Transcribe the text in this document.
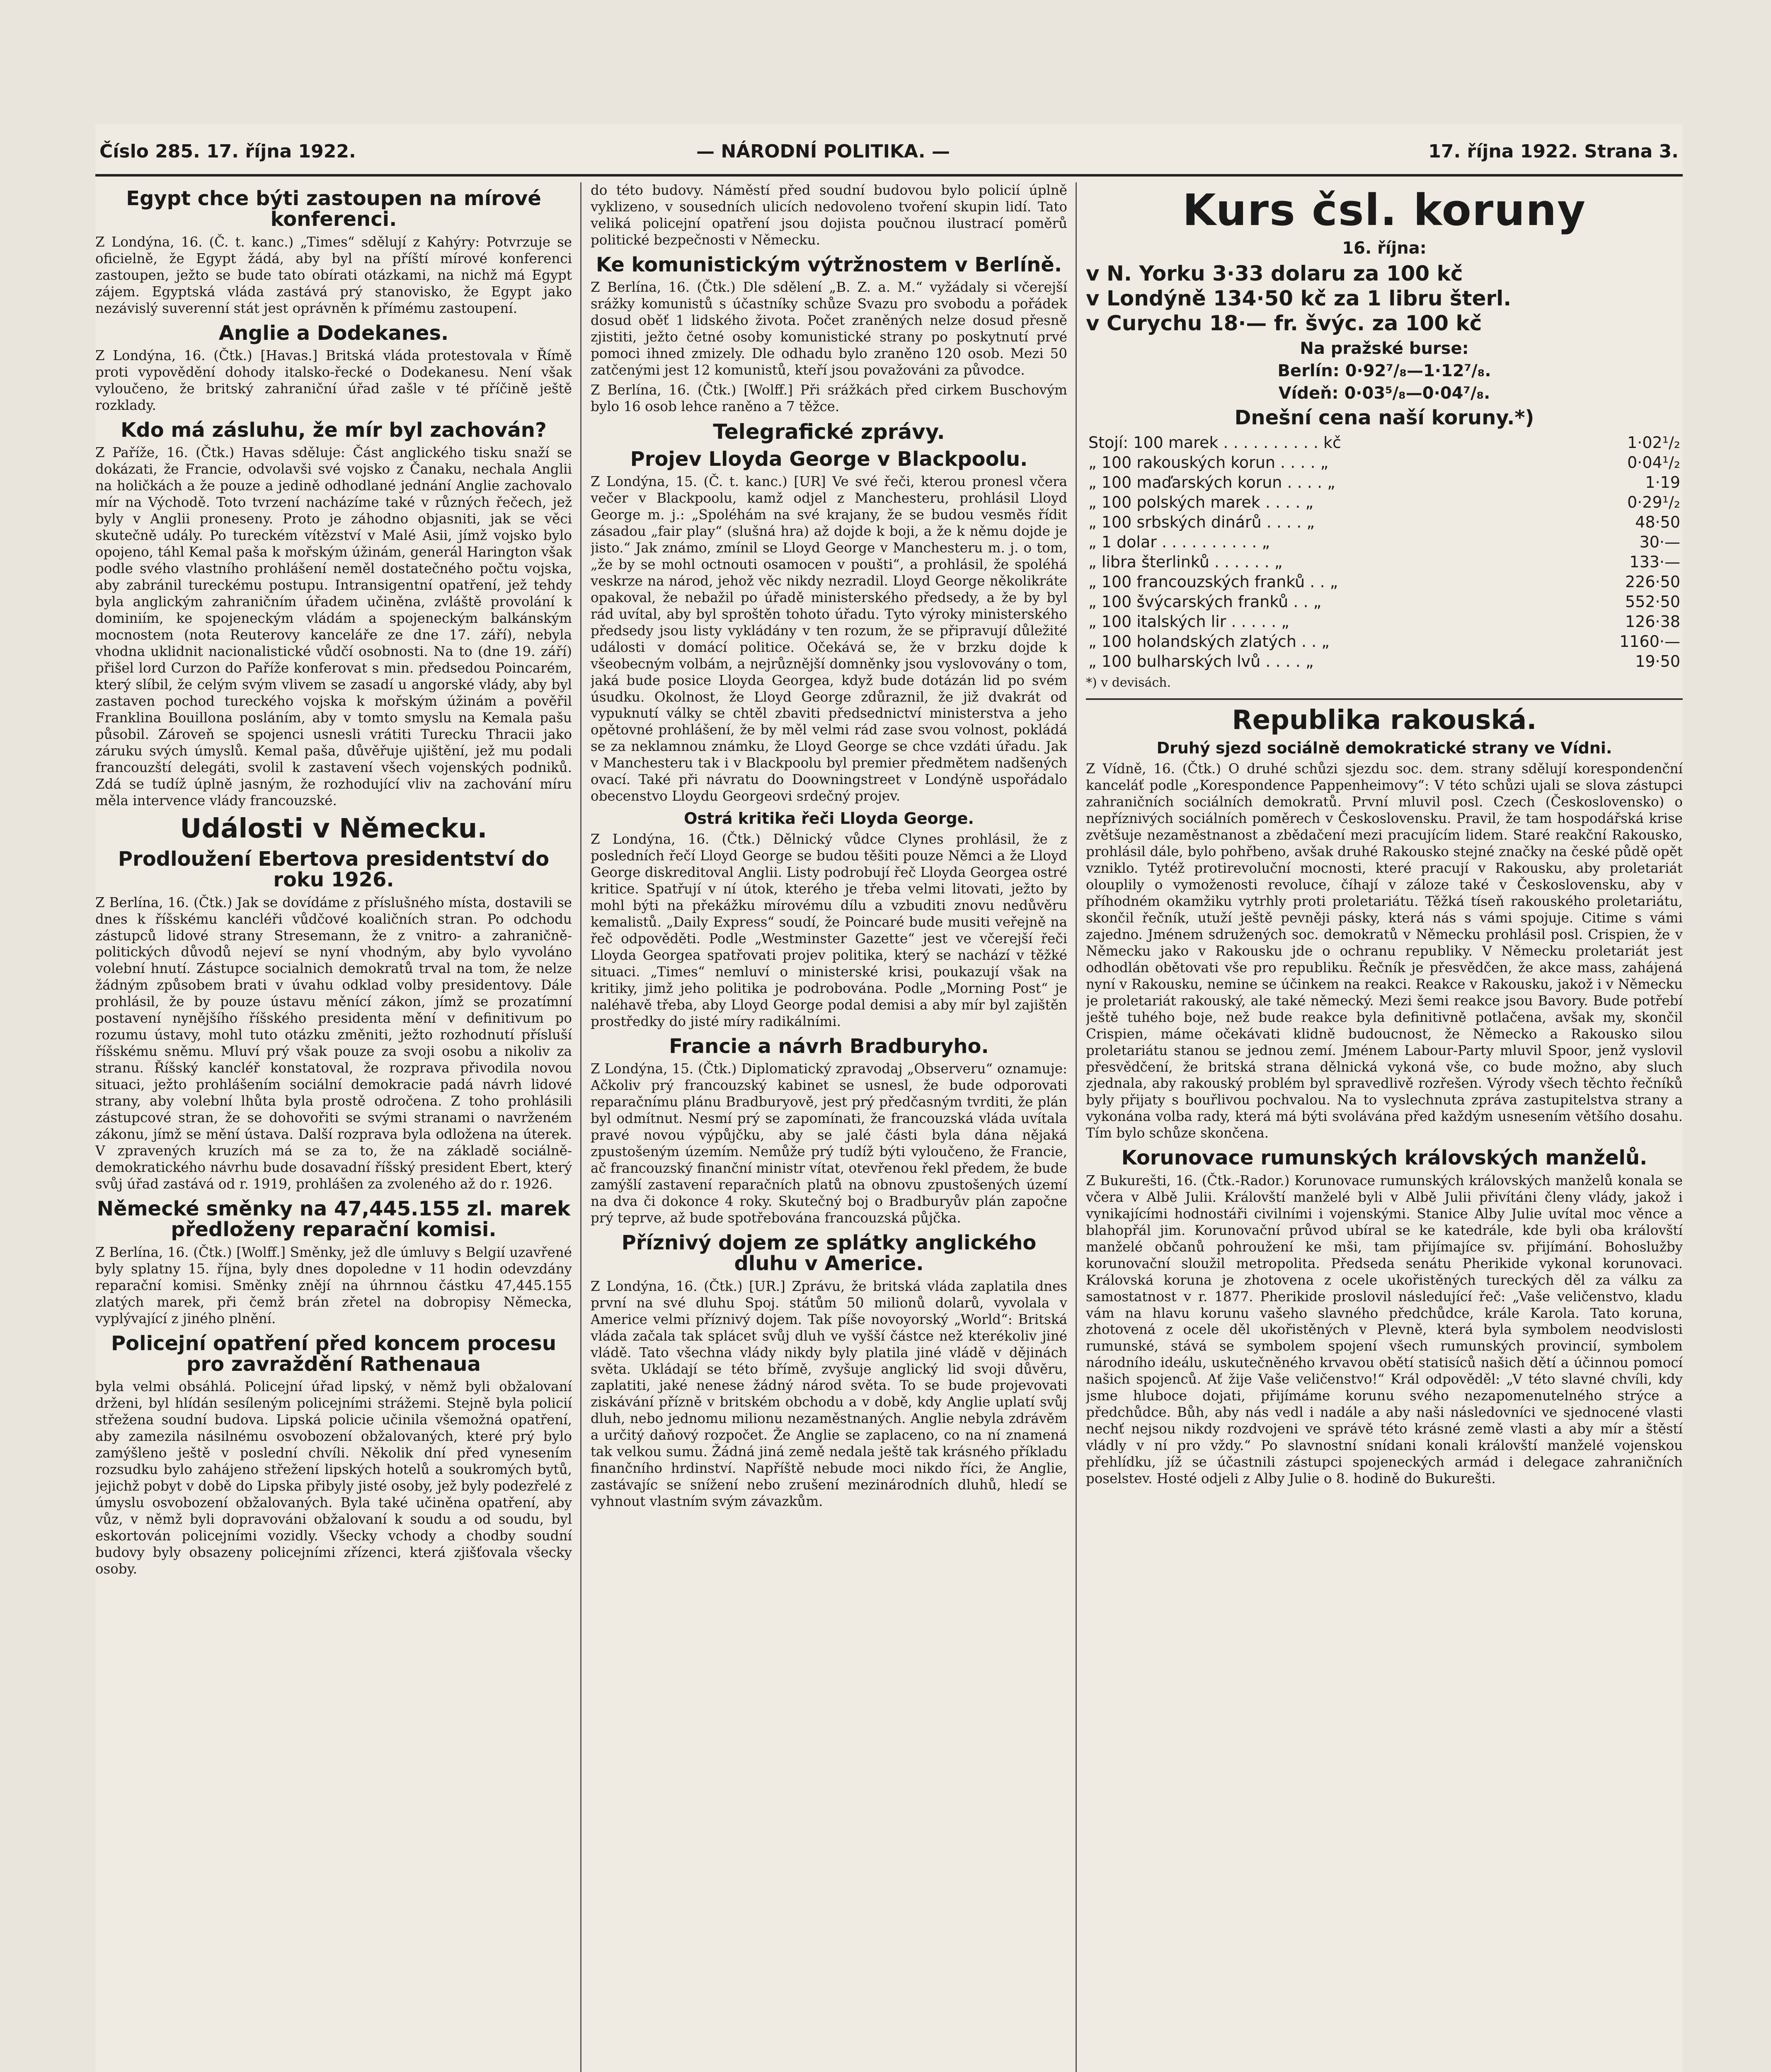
Číslo 285. 17. října 1922.	— NÁRODNÍ POLITIKA. —	17. října 1922. Strana 3.
Egypt chce býti zastoupen na mírové konferenci.

Z Londýna, 16. (Č. t. kanc.) „Times“ sdělují z Kahýry: Potvrzuje se oficielně, že Egypt žádá, aby byl na příští mírové konferenci zastoupen, ježto se bude tato obírati otázkami, na nichž má Egypt zájem. Egyptská vláda zastává prý stanovisko, že Egypt jako nezávislý suverenní stát jest oprávněn k přímému zastoupení.

Anglie a Dodekanes.

Z Londýna, 16. (Čtk.) [Havas.] Britská vláda protestovala v Římě proti vypovědění dohody italsko-řecké o Dodekanesu. Není však vyloučeno, že britský zahraniční úřad zašle v té příčině ještě rozklady.

Kdo má zásluhu, že mír byl zachován?

Z Paříže, 16. (Čtk.) Havas sděluje: Část anglického tisku snaží se dokázati, že Francie, odvolavši své vojsko z Čanaku, nechala Anglii na holičkách a že pouze a jedině odhodlané jednání Anglie zachovalo mír na Východě. Toto tvrzení nacházíme také v různých řečech, jež byly v Anglii proneseny. Proto je záhodno objasniti, jak se věci skutečně udály. Po tureckém vítězství v Malé Asii, jímž vojsko bylo opojeno, táhl Kemal paša k mořským úžinám, generál Harington však podle svého vlastního prohlášení neměl dostatečného počtu vojska, aby zabránil tureckému postupu. Intransigentní opatření, jež tehdy byla anglickým zahraničním úřadem učiněna, zvláště provolání k dominiím, ke spojeneckým vládám a spojeneckým balkánským mocnostem (nota Reuterovy kanceláře ze dne 17. září), nebyla vhodna uklidnit nacionalistické vůdčí osobnosti. Na to (dne 19. září) přišel lord Curzon do Paříže konferovat s min. předsedou Poincarém, který slíbil, že celým svým vlivem se zasadí u angorské vlády, aby byl zastaven pochod tureckého vojska k mořským úžinám a pověřil Franklina Bouillona posláním, aby v tomto smyslu na Kemala pašu působil. Zároveň se spojenci usnesli vrátiti Turecku Thracii jako záruku svých úmyslů. Kemal paša, důvěřuje ujištění, jež mu podali francouzští delegáti, svolil k zastavení všech vojenských podniků. Zdá se tudíž úplně jasným, že rozhodující vliv na zachování míru měla intervence vlády francouzské.

Události v Německu.
Prodloužení Ebertova presidentství do roku 1926.

Z Berlína, 16. (Čtk.) Jak se dovídáme z příslušného místa, dostavili se dnes k říšskému kancléři vůdčové koaličních stran. Po odchodu zástupců lidové strany Stresemann, že z vnitro- a zahraničně-politických důvodů nejeví se nyní vhodným, aby bylo vyvoláno volební hnutí. Zástupce socialnich demokratů trval na tom, že nelze žádným způsobem brati v úvahu odklad volby presidentovy. Dále prohlásil, že by pouze ústavu měnící zákon, jímž se prozatímní postavení nynějšího říšského presidenta mění v definitivum po rozumu ústavy, mohl tuto otázku změniti, ježto rozhodnutí přísluší říšskému sněmu. Mluví prý však pouze za svoji osobu a nikoliv za stranu. Říšský kancléř konstatoval, že rozprava přivodila novou situaci, ježto prohlášením sociální demokracie padá návrh lidové strany, aby volební lhůta byla prostě odročena. Z toho prohlásili zástupcové stran, že se dohovořiti se svými stranami o navrženém zákonu, jímž se mění ústava. Další rozprava byla odložena na úterek. V zpravených kruzích má se za to, že na základě sociálně-demokratického návrhu bude dosavadní říšský president Ebert, který svůj úřad zastává od r. 1919, prohlášen za zvoleného až do r. 1926.

Německé směnky na 47,445.155 zl. marek předloženy reparační komisi.

Z Berlína, 16. (Čtk.) [Wolff.] Směnky, jež dle úmluvy s Belgií uzavřené byly splatny 15. října, byly dnes dopoledne v 11 hodin odevzdány reparační komisi. Směnky znějí na úhrnnou částku 47,445.155 zlatých marek, při čemž brán zřetel na dobropisy Německa, vyplývající z jiného plnění.

Policejní opatření před koncem procesu pro zavraždění Rathenaua

byla velmi obsáhlá. Policejní úřad lipský, v němž byli obžalovaní drženi, byl hlídán sesíleným policejními strážemi. Stejně byla policií střežena soudní budova. Lipská policie učinila všemožná opatření, aby zamezila násilnému osvobození obžalovaných, které prý bylo zamýšleno ještě v poslední chvíli. Několik dní před vynesením rozsudku bylo zahájeno střežení lipských hotelů a soukromých bytů, jejichž pobyt v době do Lipska přibyly jisté osoby, jež byly podezřelé z úmyslu osvobození obžalovaných. Byla také učiněna opatření, aby vůz, v němž byli dopravováni obžalovaní k soudu a od soudu, byl eskortován policejními vozidly. Všecky vchody a chodby soudní budovy byly obsazeny policejními zřízenci, která zjišťovala všecky osoby.

do této budovy. Náměstí před soudní budovou bylo policií úplně vyklizeno, v sousedních ulicích nedovoleno tvoření skupin lidí. Tato veliká policejní opatření jsou dojista poučnou ilustrací poměrů politické bezpečnosti v Německu.

Ke komunistickým výtržnostem v Berlíně.

Z Berlína, 16. (Čtk.) Dle sdělení „B. Z. a. M.“ vyžádaly si včerejší srážky komunistů s účastníky schůze Svazu pro svobodu a pořádek dosud oběť 1 lidského života. Počet zraněných nelze dosud přesně zjistiti, ježto četné osoby komunistické strany po poskytnutí prvé pomoci ihned zmizely. Dle odhadu bylo zraněno 120 osob. Mezi 50 zatčenými jest 12 komunistů, kteří jsou považováni za původce.

Z Berlína, 16. (Čtk.) [Wolff.] Při srážkách před cirkem Buschovým bylo 16 osob lehce raněno a 7 těžce.

Telegrafické zprávy.
Projev Lloyda George v Blackpoolu.

Z Londýna, 15. (Č. t. kanc.) [UR] Ve své řeči, kterou pronesl včera večer v Blackpoolu, kamž odjel z Manchesteru, prohlásil Lloyd George m. j.: „Spoléhám na své krajany, že se budou vesměs řídit zásadou „fair play“ (slušná hra) až dojde k boji, a že k němu dojde je jisto.“ Jak známo, zmínil se Lloyd George v Manchesteru m. j. o tom, „že by se mohl octnouti osamocen v poušti“, a prohlásil, že spoléhá veskrze na národ, jehož věc nikdy nezradil. Lloyd George několikráte opakoval, že nebažil po úřadě ministerského předsedy, a že by byl rád uvítal, aby byl sproštěn tohoto úřadu. Tyto výroky ministerského předsedy jsou listy vykládány v ten rozum, že se připravují důležité události v domácí politice. Očekává se, že v brzku dojde k všeobecným volbám, a nejrůznější domněnky jsou vyslovovány o tom, jaká bude posice Lloyda Georgea, když bude dotázán lid po svém úsudku. Okolnost, že Lloyd George zdůraznil, že již dvakrát od vypuknutí války se chtěl zbaviti předsednictví ministerstva a jeho opětovné prohlášení, že by měl velmi rád zase svou volnost, pokládá se za neklamnou známku, že Lloyd George se chce vzdáti úřadu. Jak v Manchesteru tak i v Blackpoolu byl premier předmětem nadšených ovací. Také při návratu do Doowningstreet v Londýně uspořádalo obecenstvo Lloydu Georgeovi srdečný projev.

Ostrá kritika řeči Lloyda George.

Z Londýna, 16. (Čtk.) Dělnický vůdce Clynes prohlásil, že z posledních řečí Lloyd George se budou těšiti pouze Němci a že Lloyd George diskreditoval Anglii. Listy podrobují řeč Lloyda Georgea ostré kritice. Spatřují v ní útok, kterého je třeba velmi litovati, ježto by mohl býti na překážku mírovému dílu a vzbuditi znovu nedůvěru kemalistů. „Daily Express“ soudí, že Poincaré bude musiti veřejně na řeč odpověděti. Podle „Westminster Gazette“ jest ve včerejší řeči Lloyda Georgea spatřovati projev politika, který se nachází v těžké situaci. „Times“ nemluví o ministerské krisi, poukazují však na kritiky, jimž jeho politika je podrobována. Podle „Morning Post“ je naléhavě třeba, aby Lloyd George podal demisi a aby mír byl zajištěn prostředky do jisté míry radikálními.

Francie a návrh Bradburyho.

Z Londýna, 15. (Čtk.) Diplomatický zpravodaj „Observeru“ oznamuje: Ačkoliv prý francouzský kabinet se usnesl, že bude odporovati reparačnímu plánu Bradburyově, jest prý předčasným tvrditi, že plán byl odmítnut. Nesmí prý se zapomínati, že francouzská vláda uvítala pravé novou výpůjčku, aby se jalé části byla dána nějaká zpustošeným územím. Nemůže prý tudíž býti vyloučeno, že Francie, ač francouzský finanční ministr vítat, otevřenou řekl předem, že bude zamýšlí zastavení reparačních platů na obnovu zpustošených území na dva či dokonce 4 roky. Skutečný boj o Bradburyův plán započne prý teprve, až bude spotřebována francouzská půjčka.

Příznivý dojem ze splátky anglického dluhu v Americe.

Z Londýna, 16. (Čtk.) [UR.] Zprávu, že britská vláda zaplatila dnes první na své dluhu Spoj. státům 50 milionů dolarů, vyvolala v Americe velmi příznivý dojem. Tak píše novoyorský „World“: Britská vláda začala tak splácet svůj dluh ve vyšší částce než kterékoliv jiné vládě. Tato všechna vlády nikdy byly platila jiné vládě v dějinách světa. Ukládají se této břímě, zvyšuje anglický lid svoji důvěru, zaplatiti, jaké nenese žádný národ světa. To se bude projevovati ziskávání přízně v britském obchodu a v době, kdy Anglie uplatí svůj dluh, nebo jednomu milionu nezaměstnaných. Anglie nebyla zdrávěm a určitý daňový rozpočet. Že Anglie se zaplaceno, co na ní znamená tak velkou sumu. Žádná jiná země nedala ještě tak krásného příkladu finančního hrdinství. Napříště nebude moci nikdo říci, že Anglie, zastávajíc se snížení nebo zrušení mezinárodních dluhů, hledí se vyhnout vlastním svým závazkům.

Kurs čsl. koruny
16. října:
v N. Yorku 3·33 dolaru za 100 kč
v Londýně 134·50 kč za 1 libru šterl.
v Curychu 18·— fr. švýc. za 100 kč
Na pražské burse:
Berlín: 0·92⁷/₈—1·12⁷/₈.
Vídeň: 0·03⁵/₈—0·04⁷/₈.
Dnešní cena naší koruny.*)
Stojí: 100 marek . . . . . . . . . . kč	1·02¹/₂
„ 100 rakouských korun . . . . „	0·04¹/₂
„ 100 maďarských korun . . . . „	1·19
„ 100 polských marek . . . . „	0·29¹/₂
„ 100 srbských dinárů . . . . „	48·50
„ 1 dolar . . . . . . . . . . „	30·—
„ libra šterlinků . . . . . . „	133·—
„ 100 francouzských franků . . „	226·50
„ 100 švýcarských franků . . „	552·50
„ 100 italských lir . . . . . „	126·38
„ 100 holandských zlatých . . „	1160·—
„ 100 bulharských lvů . . . . „	19·50
*) v devisách.
Republika rakouská.
Druhý sjezd sociálně demokratické strany ve Vídni.

Z Vídně, 16. (Čtk.) O druhé schůzi sjezdu soc. dem. strany sdělují korespondenční kanceláť podle „Korespondence Pappenheimovy“: V této schůzi ujali se slova zástupci zahraničních sociálních demokratů. První mluvil posl. Czech (Československo) o nepříznivých sociálních poměrech v Československu. Pravil, že tam hospodářská krise zvětšuje nezaměstnanost a zbědačení mezi pracujícím lidem. Staré reakční Rakousko, prohlásil dále, bylo pohřbeno, avšak druhé Rakousko stejné značky na české půdě opět vzniklo. Tytéž protirevoluční mocnosti, které pracují v Rakousku, aby proletariát olouplily o vymoženosti revoluce, číhají v záloze také v Československu, aby v příhodném okamžiku vytrhly proti proletariátu. Těžká tíseň rakouského proletariátu, skončil řečník, utuží ještě pevněji pásky, která nás s vámi spojuje. Citime s vámi zajedno. Jménem sdružených soc. demokratů v Německu prohlásil posl. Crispien, že v Německu jako v Rakousku jde o ochranu republiky. V Německu proletariát jest odhodlán obětovati vše pro republiku. Řečník je přesvědčen, že akce mass, zahájená nyní v Rakousku, nemine se účinkem na reakci. Reakce v Rakousku, jakož i v Německu je proletariát rakouský, ale také německý. Mezi šemi reakce jsou Bavory. Bude potřebí ještě tuhého boje, než bude reakce byla definitivně potlačena, avšak my, skončil Crispien, máme očekávati klidně budoucnost, že Německo a Rakousko silou proletariátu stanou se jednou zemí. Jménem Labour-Party mluvil Spoor, jenž vyslovil přesvědčení, že britská strana dělnická vykoná vše, co bude možno, aby sluch zjednala, aby rakouský problém byl spravedlivě rozřešen. Výrody všech těchto řečníků byly přijaty s bouřlivou pochvalou. Na to vyslechnuta zpráva zastupitelstva strany a vykonána volba rady, která má býti svolávána před každým usnesením většího dosahu. Tím bylo schůze skončena.

Korunovace rumunských královských manželů.

Z Bukurešti, 16. (Čtk.-Rador.) Korunovace rumunských královských manželů konala se včera v Albě Julii. Královští manželé byli v Albě Julii přivítáni členy vlády, jakož i vynikajícími hodnostáři civilními i vojenskými. Stanice Alby Julie uvítal moc věnce a blahopřál jim. Korunovační průvod ubíral se ke katedrále, kde byli oba královští manželé občanů pohroužení ke mši, tam přijímajíce sv. přijímání. Bohoslužby korunovační sloužil metropolita. Předseda senátu Pherikide vykonal korunovaci. Královská koruna je zhotovena z ocele ukořistěných tureckých děl za válku za samostatnost v r. 1877. Pherikide proslovil následující řeč: „Vaše veličenstvo, kladu vám na hlavu korunu vašeho slavného předchůdce, krále Karola. Tato koruna, zhotovená z ocele děl ukořistěných v Plevně, která byla symbolem neodvislosti rumunské, stává se symbolem spojení všech rumunských provincií, symbolem národního ideálu, uskutečněného krvavou obětí statisíců našich dětí a účinnou pomocí našich spojenců. Ať žije Vaše veličenstvo!“ Král odpověděl: „V této slavné chvíli, kdy jsme hluboce dojati, přijímáme korunu svého nezapomenutelného strýce a předchůdce. Bůh, aby nás vedl i nadále a aby naši následovníci ve sjednocené vlasti nechť nejsou nikdy rozdvojeni ve správě této krásné země vlasti a aby mír a štěstí vládly v ní pro vždy.“ Po slavnostní snídani konali královští manželé vojenskou přehlídku, jíž se účastnili zástupci spojeneckých armád i delegace zahraničních poselstev. Hosté odjeli z Alby Julie o 8. hodině do Bukurešti.
